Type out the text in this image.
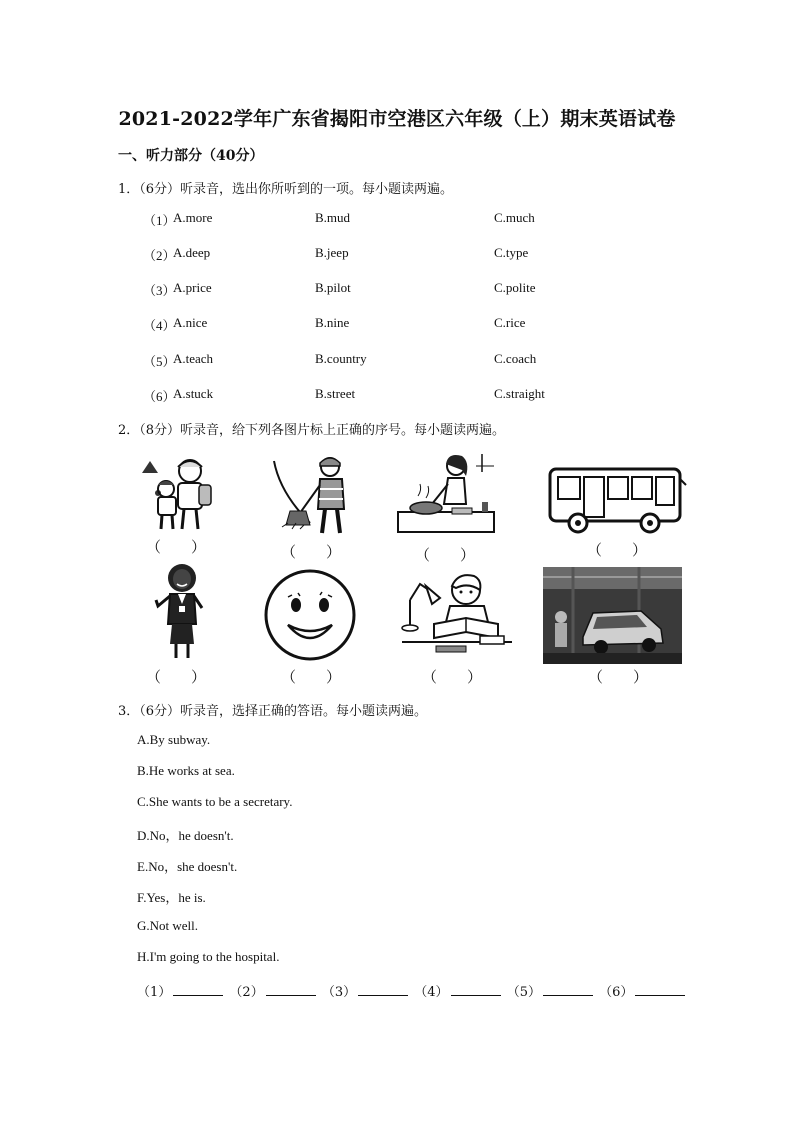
2021-2022学年广东省揭阳市空港区六年级（上）期末英语试卷
一、听力部分（40分）
1．（6分）听录音，选出你所听到的一项。每小题读两遍。
（1）
A.more	B.mud	C.much
（2）
A.deep	B.jeep	C.type
（3）
A.price	B.pilot	C.polite
（4）
A.nice	B.nine	C.rice
（5）
A.teach	B.country	C.coach
（6）
A.stuck	B.street	C.straight
2．（8分）听录音，给下列各图片标上正确的序号。每小题读两遍。
（　　）	（　　）	（　　）	（　　）
（　　）	（　　）	（　　）	（　　）
3．（6分）听录音，选择正确的答语。每小题读两遍。
A.By subway.
B.He works at sea.
C.She wants to be a secretary.
D.No，he doesn't.
E.No，she doesn't.
F.Yes，he is.
G.Not well.
H.I'm going to the hospital.
（1）	（2）	（3）	（4）	（5）	（6）
